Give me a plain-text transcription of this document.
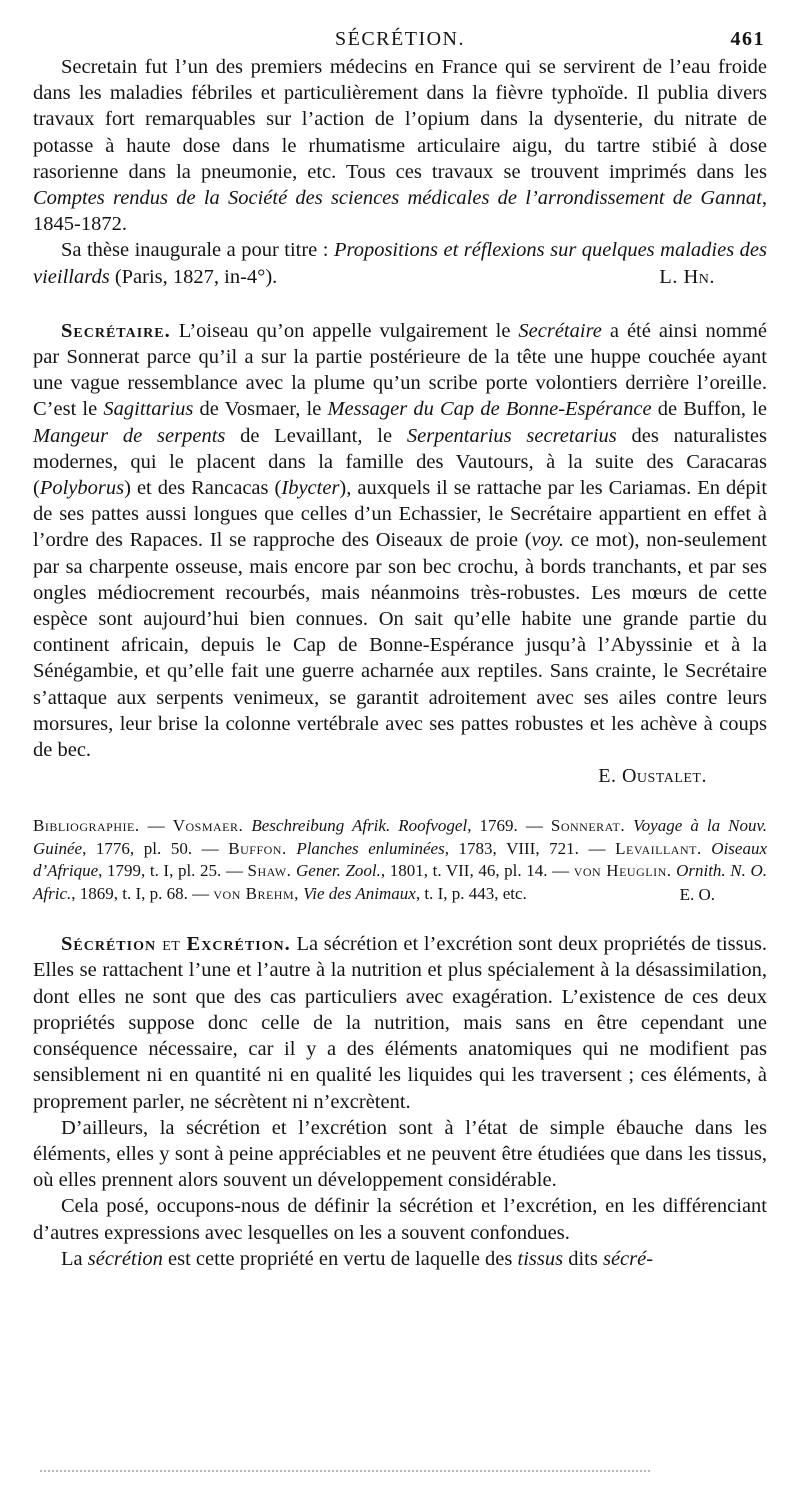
SÉCRÉTION.	461

Secretain fut l’un des premiers médecins en France qui se servirent de l’eau froide dans les maladies fébriles et particulièrement dans la fièvre typhoïde. Il publia divers travaux fort remarquables sur l’action de l’opium dans la dysenterie, du nitrate de potasse à haute dose dans le rhumatisme articulaire aigu, du tartre stibié à dose rasorienne dans la pneumonie, etc. Tous ces travaux se trouvent imprimés dans les Comptes rendus de la Société des sciences médicales de l’arrondissement de Gannat, 1845-1872.

Sa thèse inaugurale a pour titre : Propositions et réflexions sur quelques maladies des vieillards (Paris, 1827, in-4°).	L. Hn.

Secrétaire. L’oiseau qu’on appelle vulgairement le Secrétaire a été ainsi nommé par Sonnerat parce qu’il a sur la partie postérieure de la tête une huppe couchée ayant une vague ressemblance avec la plume qu’un scribe porte volontiers derrière l’oreille. C’est le Sagittarius de Vosmaer, le Messager du Cap de Bonne-Espérance de Buffon, le Mangeur de serpents de Levaillant, le Serpentarius secretarius des naturalistes modernes, qui le placent dans la famille des Vautours, à la suite des Caracaras (Polyborus) et des Rancacas (Ibycter), auxquels il se rattache par les Cariamas. En dépit de ses pattes aussi longues que celles d’un Echassier, le Secrétaire appartient en effet à l’ordre des Rapaces. Il se rapproche des Oiseaux de proie (voy. ce mot), non-seulement par sa charpente osseuse, mais encore par son bec crochu, à bords tranchants, et par ses ongles médiocrement recourbés, mais néanmoins très-robustes. Les mœurs de cette espèce sont aujourd’hui bien connues. On sait qu’elle habite une grande partie du continent africain, depuis le Cap de Bonne-Espérance jusqu’à l’Abyssinie et à la Sénégambie, et qu’elle fait une guerre acharnée aux reptiles. Sans crainte, le Secrétaire s’attaque aux serpents venimeux, se garantit adroitement avec ses ailes contre leurs morsures, leur brise la colonne vertébrale avec ses pattes robustes et les achève à coups de bec.

E. Oustalet.

Bibliographie. — Vosmaer. Beschreibung Afrik. Roofvogel, 1769. — Sonnerat. Voyage à la Nouv. Guinée, 1776, pl. 50. — Buffon. Planches enluminées, 1783, VIII, 721. — Levaillant. Oiseaux d’Afrique, 1799, t. I, pl. 25. — Shaw. Gener. Zool., 1801, t. VII, 46, pl. 14. — von Heuglin. Ornith. N. O. Afric., 1869, t. I, p. 68. — von Brehm, Vie des Animaux, t. I, p. 443, etc.	E. O.

Sécrétion et Excrétion. La sécrétion et l’excrétion sont deux propriétés de tissus. Elles se rattachent l’une et l’autre à la nutrition et plus spécialement à la désassimilation, dont elles ne sont que des cas particuliers avec exagération. L’existence de ces deux propriétés suppose donc celle de la nutrition, mais sans en être cependant une conséquence nécessaire, car il y a des éléments anatomiques qui ne modifient pas sensiblement ni en quantité ni en qualité les liquides qui les traversent ; ces éléments, à proprement parler, ne sécrètent ni n’excrètent.

D’ailleurs, la sécrétion et l’excrétion sont à l’état de simple ébauche dans les éléments, elles y sont à peine appréciables et ne peuvent être étudiées que dans les tissus, où elles prennent alors souvent un développement considérable.

Cela posé, occupons-nous de définir la sécrétion et l’excrétion, en les différenciant d’autres expressions avec lesquelles on les a souvent confondues.

La sécrétion est cette propriété en vertu de laquelle des tissus dits sécré-
